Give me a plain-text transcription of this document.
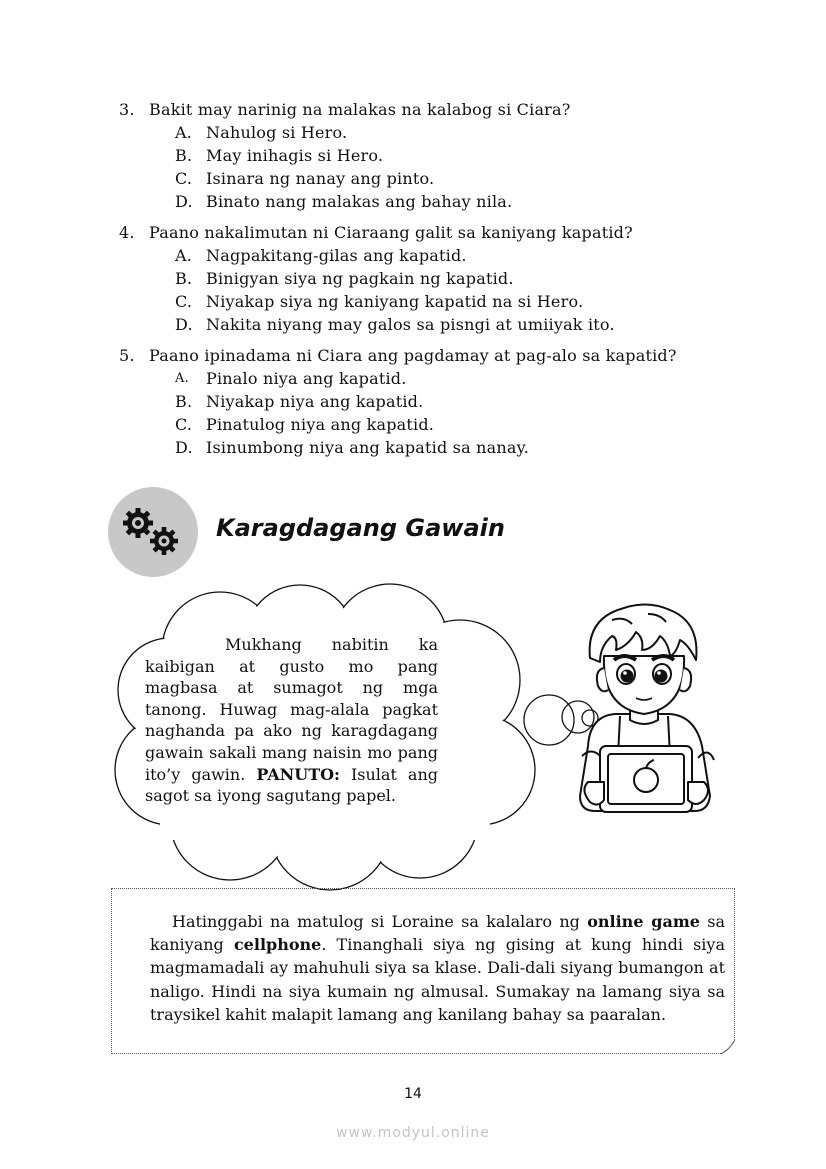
3. Bakit may narinig na malakas na kalabog si Ciara?
A. Nahulog si Hero.
B. May inihagis si Hero.
C. Isinara ng nanay ang pinto.
D. Binato nang malakas ang bahay nila.
4. Paano nakalimutan ni Ciaraang galit sa kaniyang kapatid?
A. Nagpakitang-gilas ang kapatid.
B. Binigyan siya ng pagkain ng kapatid.
C. Niyakap siya ng kaniyang kapatid na si Hero.
D. Nakita niyang may galos sa pisngi at umiiyak ito.
5. Paano ipinadama ni Ciara ang pagdamay at pag-alo sa kapatid?
A.	Pinalo niya ang kapatid.
B. Niyakap niya ang kapatid.
C. Pinatulog niya ang kapatid.
D. Isinumbong niya ang kapatid sa nanay.
Karagdagang Gawain
Mukhang nabitin ka kaibigan at gusto mo pang magbasa at sumagot ng mga tanong. Huwag mag-alala pagkat naghanda pa ako ng karagdagang gawain sakali mang naisin mo pang ito’y gawin. PANUTO: Isulat ang sagot sa iyong sagutang papel.
Hatinggabi na matulog si Loraine sa kalalaro ng online game sa kaniyang cellphone. Tinanghali siya ng gising at kung hindi siya magmamadali ay mahuhuli siya sa klase. Dali-dali siyang bumangon at naligo. Hindi na siya kumain ng almusal. Sumakay na lamang siya sa traysikel kahit malapit lamang ang kanilang bahay sa paaralan.
14
www.modyul.online
